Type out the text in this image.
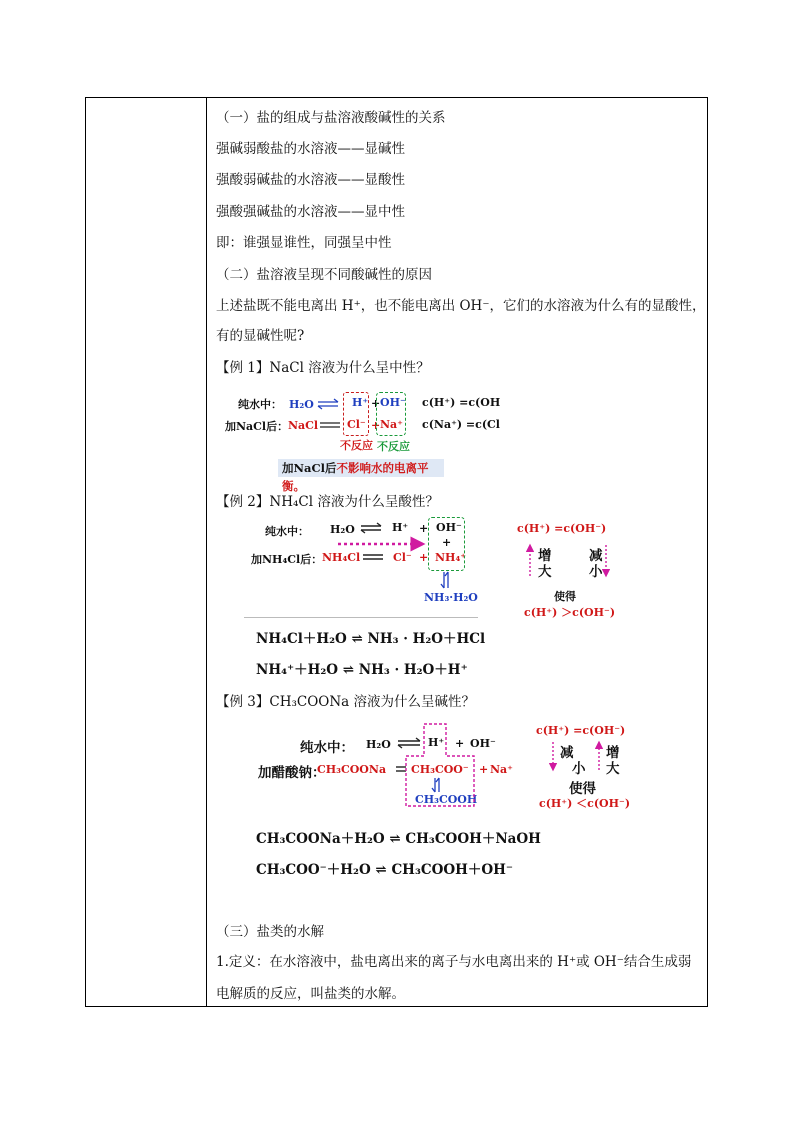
（一）盐的组成与盐溶液酸碱性的关系
强碱弱酸盐的水溶液——显碱性
强酸弱碱盐的水溶液——显酸性
强酸强碱盐的水溶液——显中性
即：谁强显谁性，同强呈中性
（二）盐溶液呈现不同酸碱性的原因
上述盐既不能电离出 H⁺，也不能电离出 OH⁻，它们的水溶液为什么有的显酸性，
有的显碱性呢?
【例 1】NaCl 溶液为什么呈中性？
纯水中： H₂O	H⁺ + OH⁻
加NaCl后： NaCl	Cl⁻ + Na⁺
c(H⁺) =c(OH
c(Na⁺) =c(Cl
不反应 不反应
加NaCl后不影响水的电离平衡。
【例 2】NH₄Cl 溶液为什么呈酸性？
纯水中： H₂O	H⁺ + OH⁻
+
加NH₄Cl后： NH₄Cl	Cl⁻ + NH₄⁺
NH₃·H₂O
c(H⁺) =c(OH⁻)
增
大
减
小
使得
c(H⁺) ＞c(OH⁻)
NH₄Cl＋H₂O ⇌ NH₃ · H₂O＋HCl
NH₄⁺＋H₂O ⇌ NH₃ · H₂O＋H⁺
【例 3】CH₃COONa 溶液为什么呈碱性？
纯水中： H₂O	H⁺ + OH⁻
加醋酸钠：
CH₃COONa CH₃COO⁻ + Na⁺
CH₃COOH
c(H⁺) =c(OH⁻)
减
小
增
大
使得
c(H⁺) ＜c(OH⁻)
CH₃COONa＋H₂O ⇌ CH₃COOH＋NaOH
CH₃COO⁻＋H₂O ⇌ CH₃COOH＋OH⁻
（三）盐类的水解
1.定义：在水溶液中，盐电离出来的离子与水电离出来的 H⁺或 OH⁻结合生成弱
电解质的反应，叫盐类的水解。
